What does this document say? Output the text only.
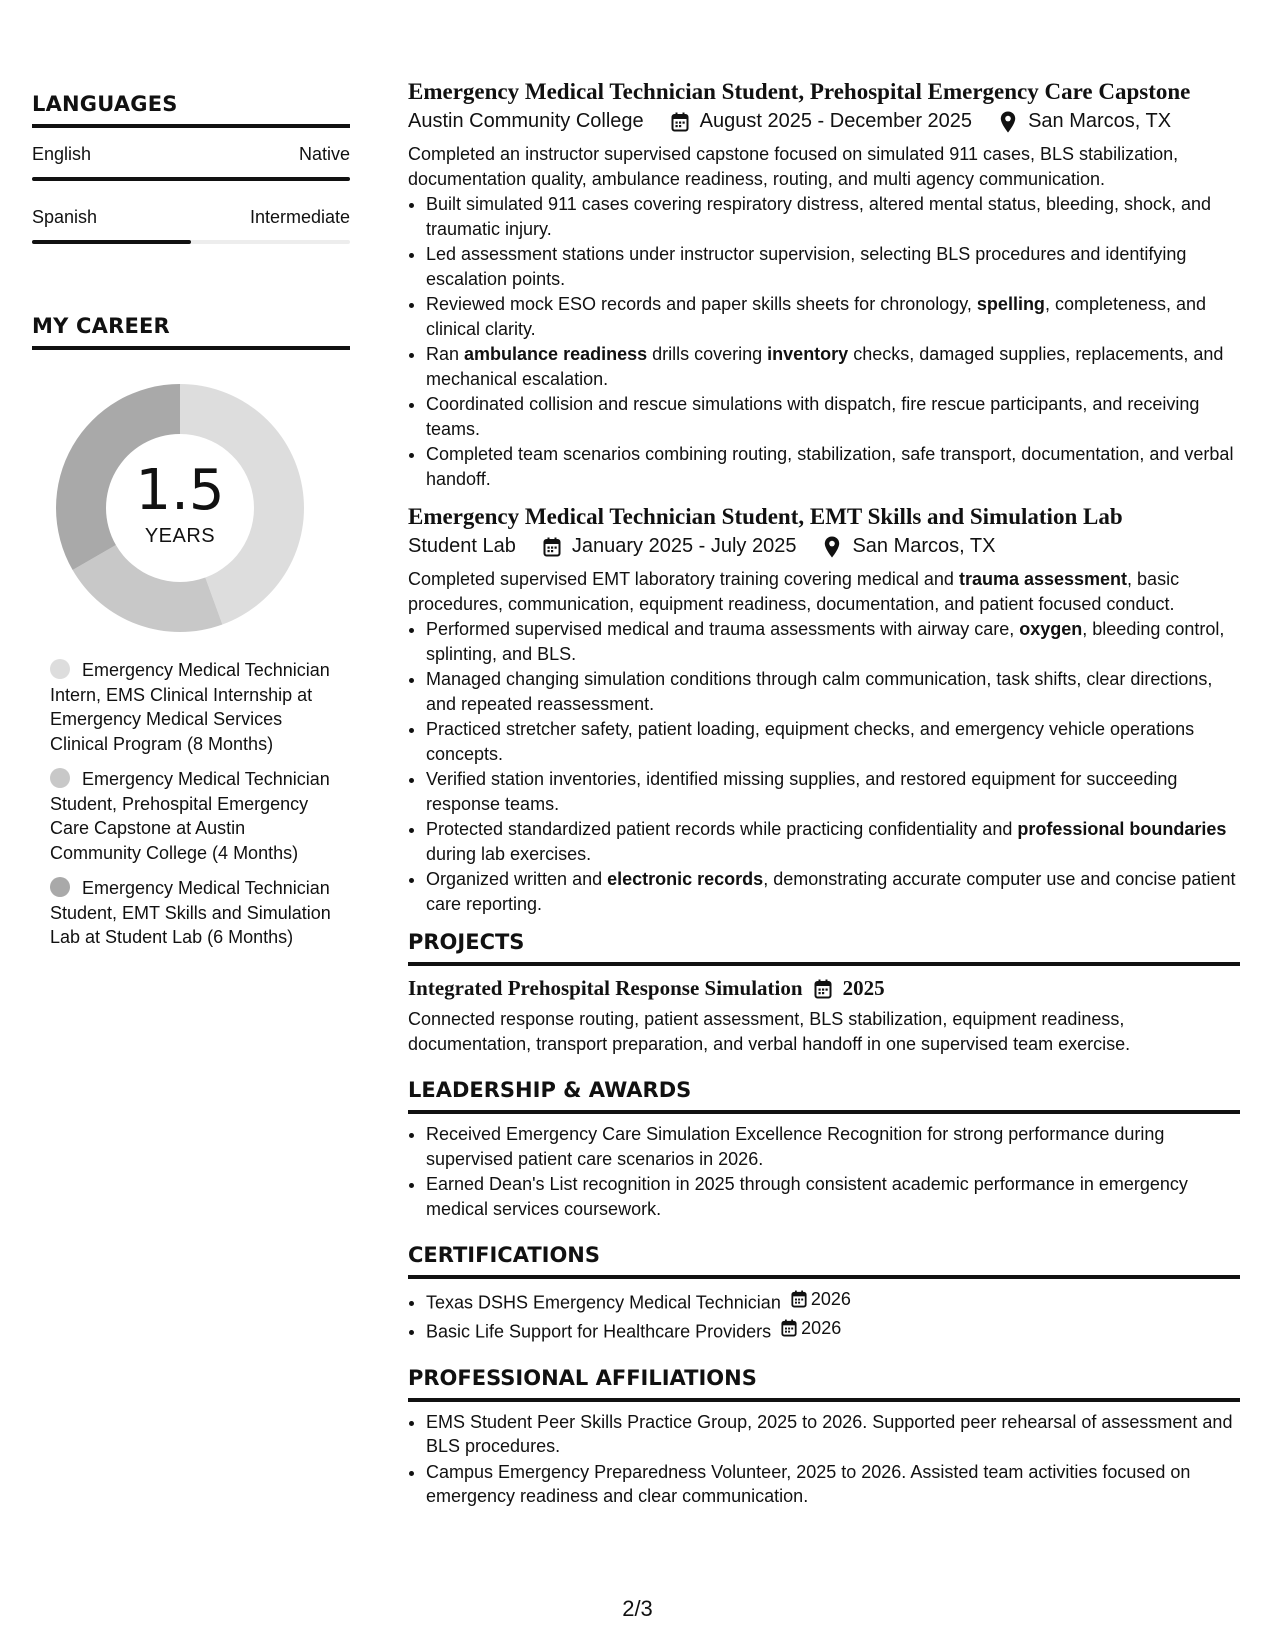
LANGUAGES
English	Native
Spanish	Intermediate
MY CAREER
1.5
YEARS
Emergency Medical Technician Intern, EMS Clinical Internship at Emergency Medical Services Clinical Program (8 Months)
Emergency Medical Technician Student, Prehospital Emergency Care Capstone at Austin Community College (4 Months)
Emergency Medical Technician Student, EMT Skills and Simulation Lab at Student Lab (6 Months)
Emergency Medical Technician Student, Prehospital Emergency Care Capstone
Austin Community College	August 2025 - December 2025	San Marcos, TX
Completed an instructor supervised capstone focused on simulated 911 cases, BLS stabilization, documentation quality, ambulance readiness, routing, and multi agency communication.
• Built simulated 911 cases covering respiratory distress, altered mental status, bleeding, shock, and traumatic injury.
• Led assessment stations under instructor supervision, selecting BLS procedures and identifying escalation points.
• Reviewed mock ESO records and paper skills sheets for chronology, spelling, completeness, and clinical clarity.
• Ran ambulance readiness drills covering inventory checks, damaged supplies, replacements, and mechanical escalation.
• Coordinated collision and rescue simulations with dispatch, fire rescue participants, and receiving teams.
• Completed team scenarios combining routing, stabilization, safe transport, documentation, and verbal handoff.
Emergency Medical Technician Student, EMT Skills and Simulation Lab
Student Lab	January 2025 - July 2025	San Marcos, TX
Completed supervised EMT laboratory training covering medical and trauma assessment, basic procedures, communication, equipment readiness, documentation, and patient focused conduct.
• Performed supervised medical and trauma assessments with airway care, oxygen, bleeding control, splinting, and BLS.
• Managed changing simulation conditions through calm communication, task shifts, clear directions, and repeated reassessment.
• Practiced stretcher safety, patient loading, equipment checks, and emergency vehicle operations concepts.
• Verified station inventories, identified missing supplies, and restored equipment for succeeding response teams.
• Protected standardized patient records while practicing confidentiality and professional boundaries during lab exercises.
• Organized written and electronic records, demonstrating accurate computer use and concise patient care reporting.
PROJECTS
Integrated Prehospital Response Simulation 2025
Connected response routing, patient assessment, BLS stabilization, equipment readiness, documentation, transport preparation, and verbal handoff in one supervised team exercise.
LEADERSHIP & AWARDS
• Received Emergency Care Simulation Excellence Recognition for strong performance during supervised patient care scenarios in 2026.
• Earned Dean's List recognition in 2025 through consistent academic performance in emergency medical services coursework.
CERTIFICATIONS
• Texas DSHS Emergency Medical Technician 2026
• Basic Life Support for Healthcare Providers 2026
PROFESSIONAL AFFILIATIONS
• EMS Student Peer Skills Practice Group, 2025 to 2026. Supported peer rehearsal of assessment and BLS procedures.
• Campus Emergency Preparedness Volunteer, 2025 to 2026. Assisted team activities focused on emergency readiness and clear communication.
2/3
